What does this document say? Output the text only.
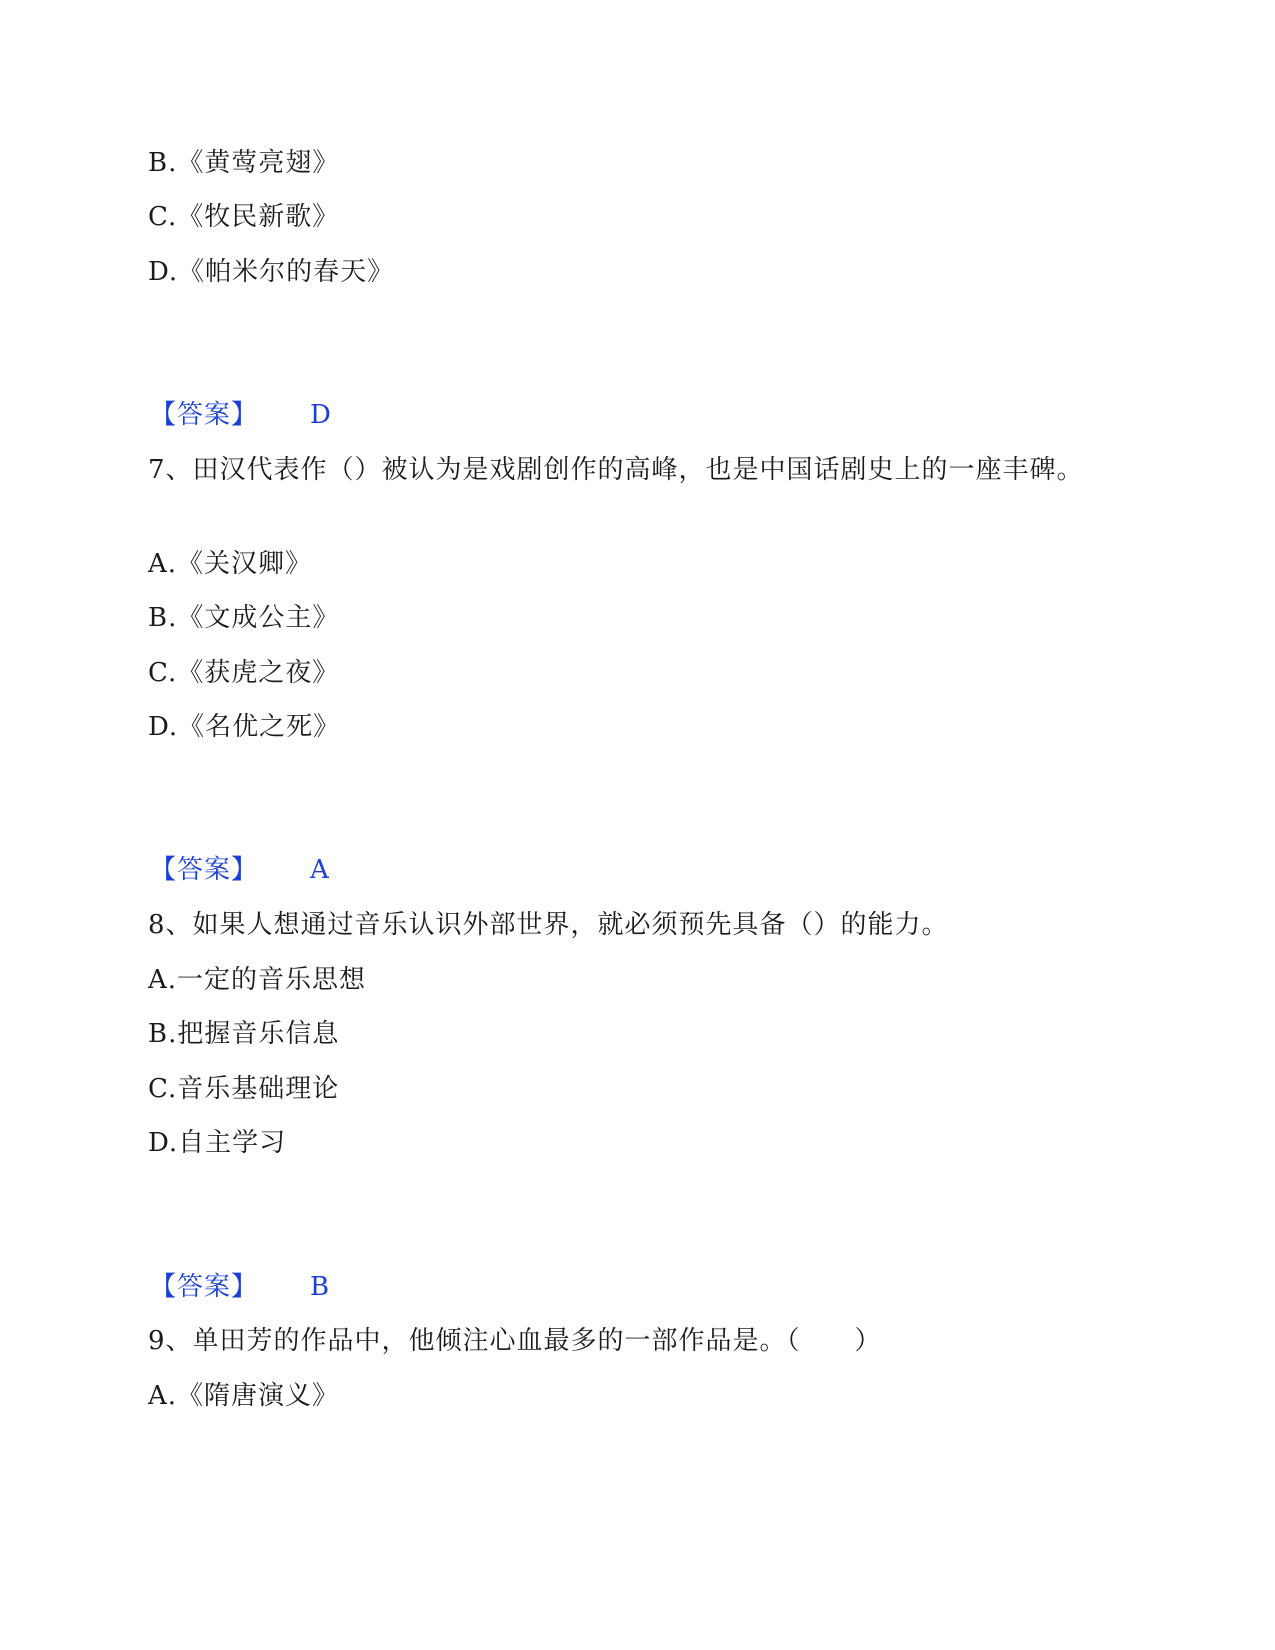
B.《黄莺亮翅》
C.《牧民新歌》
D.《帕米尔的春天》
【答案】 D
7、田汉代表作（）被认为是戏剧创作的高峰，也是中国话剧史上的一座丰碑。
A.《关汉卿》
B.《文成公主》
C.《获虎之夜》
D.《名优之死》
【答案】 A
8、如果人想通过音乐认识外部世界，就必须预先具备（）的能力。
A.一定的音乐思想
B.把握音乐信息
C.音乐基础理论
D.自主学习
【答案】 B
9、单田芳的作品中，他倾注心血最多的一部作品是。（　　）
A.《隋唐演义》
